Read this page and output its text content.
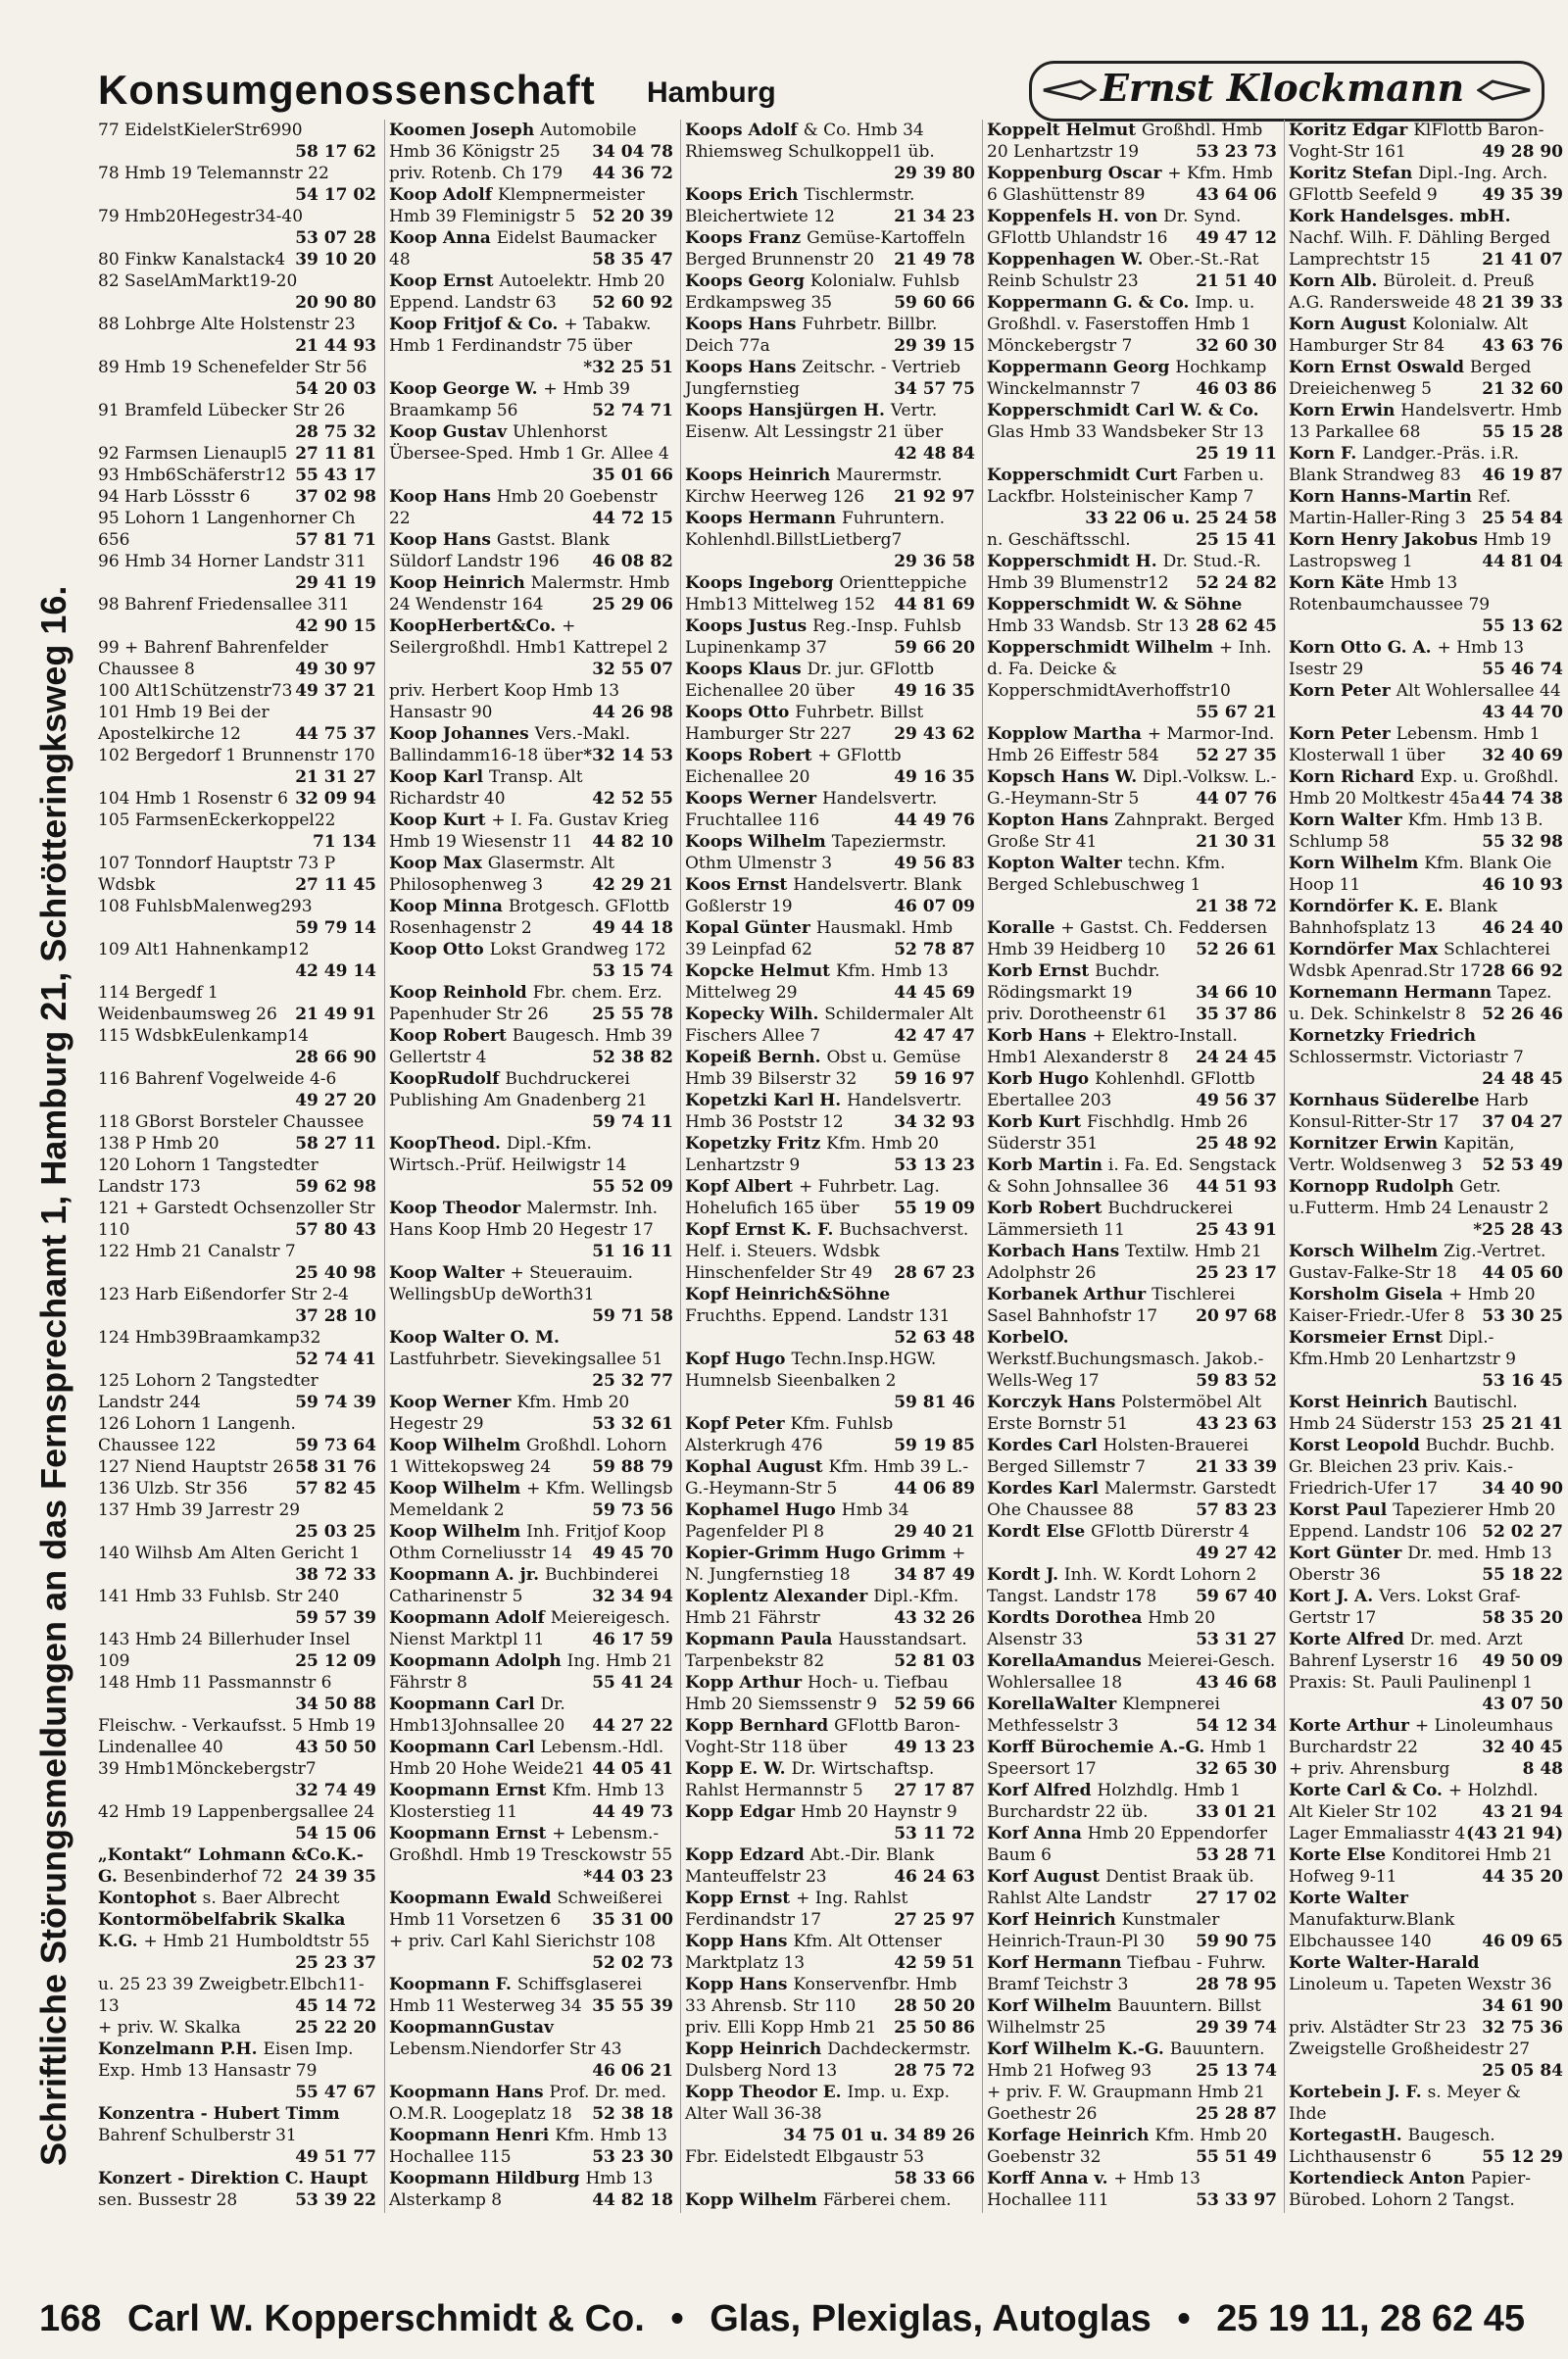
Konsumgenossenschaft Hamburg	Ernst Klockmann
Schriftliche Störungsmeldungen an das Fernsprechamt 1, Hamburg 21, Schrötteringksweg 16.
77 EidelstKielerStr6990
58 17 62
78 Hmb 19 Telemannstr 22
54 17 02
79 Hmb20Hegestr34-40
53 07 28
80 Finkw Kanalstack4 39 10 20
82 SaselAmMarkt19-20
20 90 80
88 Lohbrge Alte Holstenstr 23
21 44 93
89 Hmb 19 Schenefelder Str 56
54 20 03
91 Bramfeld Lübecker Str 26
28 75 32
92 Farmsen Lienaupl5 27 11 81
93 Hmb6Schäferstr12 55 43 17
94 Harb Lössstr 6	37 02 98
95 Lohorn 1 Langenhorner Ch 656	57 81 71
96 Hmb 34 Horner Landstr 311
29 41 19
98 Bahrenf Friedensallee 311
42 90 15
99 + Bahrenf Bahrenfelder Chaussee 8	49 30 97
100 Alt1Schützenstr73 49 37 21
101 Hmb 19 Bei der Apostelkirche 12	44 75 37
102 Bergedorf 1 Brunnenstr 170
21 31 27
104 Hmb 1 Rosenstr 6 32 09 94
105 FarmsenEckerkoppel22
71 134
107 Tonndorf Hauptstr 73 P Wdsbk	27 11 45
108 FuhlsbMalenweg293
59 79 14
109 Alt1 Hahnenkamp12
42 49 14
114 Bergedf 1 Weidenbaumsweg 26 21 49 91
115 WdsbkEulenkamp14
28 66 90
116 Bahrenf Vogelweide 4-6
49 27 20
118 GBorst Borsteler Chaussee 138 P Hmb 20	58 27 11
120 Lohorn 1 Tangstedter Landstr 173	59 62 98
121 + Garstedt Ochsenzoller Str 110	57 80 43
122 Hmb 21 Canalstr 7
25 40 98
123 Harb Eißendorfer Str 2-4
37 28 10
124 Hmb39Braamkamp32
52 74 41
125 Lohorn 2 Tangstedter Landstr 244	59 74 39
126 Lohorn 1 Langenh. Chaussee 122	59 73 64
127 Niend Hauptstr 26 58 31 76
136 Ulzb. Str 356	57 82 45
137 Hmb 39 Jarrestr 29
25 03 25
140 Wilhsb Am Alten Gericht 1
38 72 33
141 Hmb 33 Fuhlsb. Str 240
59 57 39
143 Hmb 24 Billerhuder Insel 109	25 12 09
148 Hmb 11 Passmannstr 6
34 50 88
Fleischw. - Verkaufsst. 5 Hmb 19 Lindenallee 40	43 50 50
39 Hmb1Mönckebergstr7
32 74 49
42 Hmb 19 Lappenbergsallee 24
54 15 06
„Kontakt“ Lohmann &Co.K.-G. Besenbinderhof 72 24 39 35
Kontophot s. Baer Albrecht
Kontormöbelfabrik Skalka K.G. + Hmb 21 Humboldtstr 55
25 23 37
u. 25 23 39 Zweigbetr.Elbch11-13	45 14 72
+ priv. W. Skalka	25 22 20
Konzelmann P.H. Eisen Imp. Exp. Hmb 13 Hansastr 79
55 47 67
Konzentra - Hubert Timm Bahrenf Schulberstr 31
49 51 77
Konzert - Direktion C. Haupt sen. Bussestr 28	53 39 22
Koomen Joseph Automobile Hmb 36 Königstr 25 34 04 78
priv. Rotenb. Ch 179 44 36 72
Koop Adolf Klempnermeister Hmb 39 Fleminigstr 5 52 20 39
Koop Anna Eidelst Baumacker 48	58 35 47
Koop Ernst Autoelektr. Hmb 20 Eppend. Landstr 63 52 60 92
Koop Fritjof & Co. + Tabakw. Hmb 1 Ferdinandstr 75 über
*32 25 51
Koop George W. + Hmb 39 Braamkamp 56	52 74 71
Koop Gustav Uhlenhorst Übersee-Sped. Hmb 1 Gr. Allee 4
35 01 66
Koop Hans Hmb 20 Goebenstr 22	44 72 15
Koop Hans Gastst. Blank Süldorf Landstr 196 46 08 82
Koop Heinrich Malermstr. Hmb 24 Wendenstr 164	25 29 06
KoopHerbert&Co. + Seilergroßhdl. Hmb1 Kattrepel 2
32 55 07
priv. Herbert Koop Hmb 13 Hansastr 90	44 26 98
Koop Johannes Vers.-Makl. Ballindamm16-18 über *32 14 53
Koop Karl Transp. Alt Richardstr 40	42 52 55
Koop Kurt + I. Fa. Gustav Krieg Hmb 19 Wiesenstr 11 44 82 10
Koop Max Glasermstr. Alt Philosophenweg 3	42 29 21
Koop Minna Brotgesch. GFlottb Rosenhagenstr 2	49 44 18
Koop Otto Lokst Grandweg 172
53 15 74
Koop Reinhold Fbr. chem. Erz. Papenhuder Str 26	25 55 78
Koop Robert Baugesch. Hmb 39 Gellertstr 4	52 38 82
KoopRudolf Buchdruckerei Publishing Am Gnadenberg 21
59 74 11
KoopTheod. Dipl.-Kfm. Wirtsch.-Prüf. Heilwigstr 14
55 52 09
Koop Theodor Malermstr. Inh. Hans Koop Hmb 20 Hegestr 17
51 16 11
Koop Walter + Steuerauim. WellingsbUp deWorth31
59 71 58
Koop Walter O. M. Lastfuhrbetr. Sievekingsallee 51
25 32 77
Koop Werner Kfm. Hmb 20 Hegestr 29	53 32 61
Koop Wilhelm Großhdl. Lohorn 1 Wittekopsweg 24 59 88 79
Koop Wilhelm + Kfm. Wellingsb Memeldank 2	59 73 56
Koop Wilhelm Inh. Fritjof Koop Othm Corneliusstr 14 49 45 70
Koopmann A. jr. Buchbinderei Catharinenstr 5	32 34 94
Koopmann Adolf Meiereigesch. Nienst Marktpl 11	46 17 59
Koopmann Adolph Ing. Hmb 21 Fährstr 8	55 41 24
Koopmann Carl Dr. Hmb13Johnsallee 20 44 27 22
Koopmann Carl Lebensm.-Hdl. Hmb 20 Hohe Weide21 44 05 41
Koopmann Ernst Kfm. Hmb 13 Klosterstieg 11	44 49 73
Koopmann Ernst + Lebensm.-Großhdl. Hmb 19 Tresckowstr 55
*44 03 23
Koopmann Ewald Schweißerei Hmb 11 Vorsetzen 6 35 31 00
+ priv. Carl Kahl Sierichstr 108
52 02 73
Koopmann F. Schiffsglaserei Hmb 11 Westerweg 34 35 55 39
KoopmannGustav Lebensm.Niendorfer Str 43
46 06 21
Koopmann Hans Prof. Dr. med. O.M.R. Loogeplatz 18 52 38 18
Koopmann Henri Kfm. Hmb 13 Hochallee 115	53 23 30
Koopmann Hildburg Hmb 13 Alsterkamp 8	44 82 18
Koops Adolf & Co. Hmb 34 Rhiemsweg Schulkoppel1 üb.
29 39 80
Koops Erich Tischlermstr. Bleichertwiete 12	21 34 23
Koops Franz Gemüse-Kartoffeln Berged Brunnenstr 20 21 49 78
Koops Georg Kolonialw. Fuhlsb Erdkampsweg 35	59 60 66
Koops Hans Fuhrbetr. Billbr. Deich 77a	29 39 15
Koops Hans Zeitschr. - Vertrieb Jungfernstieg	34 57 75
Koops Hansjürgen H. Vertr. Eisenw. Alt Lessingstr 21 über
42 48 84
Koops Heinrich Maurermstr. Kirchw Heerweg 126 21 92 97
Koops Hermann Fuhruntern. Kohlenhdl.BillstLietberg7
29 36 58
Koops Ingeborg Orientteppiche Hmb13 Mittelweg 152 44 81 69
Koops Justus Reg.-Insp. Fuhlsb Lupinenkamp 37	59 66 20
Koops Klaus Dr. jur. GFlottb Eichenallee 20 über 49 16 35
Koops Otto Fuhrbetr. Billst Hamburger Str 227	29 43 62
Koops Robert + GFlottb Eichenallee 20	49 16 35
Koops Werner Handelsvertr. Fruchtallee 116	44 49 76
Koops Wilhelm Tapeziermstr. Othm Ulmenstr 3	49 56 83
Koos Ernst Handelsvertr. Blank Goßlerstr 19	46 07 09
Kopal Günter Hausmakl. Hmb 39 Leinpfad 62	52 78 87
Kopcke Helmut Kfm. Hmb 13 Mittelweg 29	44 45 69
Kopecky Wilh. Schildermaler Alt Fischers Allee 7	42 47 47
Kopeiß Bernh. Obst u. Gemüse Hmb 39 Bilserstr 32 59 16 97
Kopetzki Karl H. Handelsvertr. Hmb 36 Poststr 12	34 32 93
Kopetzky Fritz Kfm. Hmb 20 Lenhartzstr 9	53 13 23
Kopf Albert + Fuhrbetr. Lag. Hohelufich 165 über 55 19 09
Kopf Ernst K. F. Buchsachverst. Helf. i. Steuers. Wdsbk Hinschenfelder Str 49 28 67 23
Kopf Heinrich&Söhne Fruchths. Eppend. Landstr 131
52 63 48
Kopf Hugo Techn.Insp.HGW. Humnelsb Sieenbalken 2
59 81 46
Kopf Peter Kfm. Fuhlsb Alsterkrugh 476	59 19 85
Kophal August Kfm. Hmb 39 L.-G.-Heymann-Str 5	44 06 89
Kophamel Hugo Hmb 34 Pagenfelder Pl 8	29 40 21
Kopier-Grimm Hugo Grimm + N. Jungfernstieg 18	34 87 49
Koplentz Alexander Dipl.-Kfm. Hmb 21 Fährstr	43 32 26
Kopmann Paula Hausstandsart. Tarpenbekstr 82	52 81 03
Kopp Arthur Hoch- u. Tiefbau Hmb 20 Siemssenstr 9 52 59 66
Kopp Bernhard GFlottb Baron-Voght-Str 118 über	49 13 23
Kopp E. W. Dr. Wirtschaftsp. Rahlst Hermannstr 5 27 17 87
Kopp Edgar Hmb 20 Haynstr 9
53 11 72
Kopp Edzard Abt.-Dir. Blank Manteuffelstr 23	46 24 63
Kopp Ernst + Ing. Rahlst Ferdinandstr 17	27 25 97
Kopp Hans Kfm. Alt Ottenser Marktplatz 13	42 59 51
Kopp Hans Konservenfbr. Hmb 33 Ahrensb. Str 110 28 50 20
priv. Elli Kopp Hmb 21 25 50 86
Kopp Heinrich Dachdeckermstr. Dulsberg Nord 13	28 75 72
Kopp Theodor E. Imp. u. Exp. Alter Wall 36-38
34 75 01 u. 34 89 26
Fbr. Eidelstedt Elbgaustr 53
58 33 66
Kopp Wilhelm Färberei chem.
Koppelt Helmut Großhdl. Hmb 20 Lenhartzstr 19	53 23 73
Koppenburg Oscar + Kfm. Hmb 6 Glashüttenstr 89	43 64 06
Koppenfels H. von Dr. Synd. GFlottb Uhlandstr 16 49 47 12
Koppenhagen W. Ober.-St.-Rat Reinb Schulstr 23	21 51 40
Koppermann G. & Co. Imp. u. Großhdl. v. Faserstoffen Hmb 1 Mönckebergstr 7	32 60 30
Koppermann Georg Hochkamp Winckelmannstr 7	46 03 86
Kopperschmidt Carl W. & Co. Glas Hmb 33 Wandsbeker Str 13
25 19 11
Kopperschmidt Curt Farben u. Lackfbr. Holsteinischer Kamp 7
33 22 06 u. 25 24 58
n. Geschäftsschl.	25 15 41
Kopperschmidt H. Dr. Stud.-R. Hmb 39 Blumenstr12 52 24 82
Kopperschmidt W. & Söhne Hmb 33 Wandsb. Str 13 28 62 45
Kopperschmidt Wilhelm + Inh. d. Fa. Deicke & KopperschmidtAverhoffstr10
55 67 21
Kopplow Martha + Marmor-Ind. Hmb 26 Eiffestr 584 52 27 35
Kopsch Hans W. Dipl.-Volksw. L.-G.-Heymann-Str 5	44 07 76
Kopton Hans Zahnprakt. Berged Große Str 41	21 30 31
Kopton Walter techn. Kfm. Berged Schlebuschweg 1
21 38 72
Koralle + Gastst. Ch. Feddersen Hmb 39 Heidberg 10 52 26 61
Korb Ernst Buchdr. Rödingsmarkt 19	34 66 10
priv. Dorotheenstr 61 35 37 86
Korb Hans + Elektro-Install. Hmb1 Alexanderstr 8 24 24 45
Korb Hugo Kohlenhdl. GFlottb Ebertallee 203	49 56 37
Korb Kurt Fischhdlg. Hmb 26 Süderstr 351	25 48 92
Korb Martin i. Fa. Ed. Sengstack & Sohn Johnsallee 36 44 51 93
Korb Robert Buchdruckerei Lämmersieth 11	25 43 91
Korbach Hans Textilw. Hmb 21 Adolphstr 26	25 23 17
Korbanek Arthur Tischlerei Sasel Bahnhofstr 17 20 97 68
KorbelO. Werkstf.Buchungsmasch. Jakob.-Wells-Weg 17	59 83 52
Korczyk Hans Polstermöbel Alt Erste Bornstr 51	43 23 63
Kordes Carl Holsten-Brauerei Berged Sillemstr 7	21 33 39
Kordes Karl Malermstr. Garstedt Ohe Chaussee 88	57 83 23
Kordt Else GFlottb Dürerstr 4
49 27 42
Kordt J. Inh. W. Kordt Lohorn 2 Tangst. Landstr 178 59 67 40
Kordts Dorothea Hmb 20 Alsenstr 33	53 31 27
KorellaAmandus Meierei-Gesch. Wohlersallee 18	43 46 68
KorellaWalter Klempnerei Methfesselstr 3	54 12 34
Korff Bürochemie A.-G. Hmb 1 Speersort 17	32 65 30
Korf Alfred Holzhdlg. Hmb 1 Burchardstr 22 üb.	33 01 21
Korf Anna Hmb 20 Eppendorfer Baum 6	53 28 71
Korf August Dentist Braak üb. Rahlst Alte Landstr	27 17 02
Korf Heinrich Kunstmaler Heinrich-Traun-Pl 30 59 90 75
Korf Hermann Tiefbau - Fuhrw. Bramf Teichstr 3	28 78 95
Korf Wilhelm Bauuntern. Billst Wilhelmstr 25	29 39 74
Korf Wilhelm K.-G. Bauuntern. Hmb 21 Hofweg 93	25 13 74
+ priv. F. W. Graupmann Hmb 21 Goethestr 26	25 28 87
Korfage Heinrich Kfm. Hmb 20 Goebenstr 32	55 51 49
Korff Anna v. + Hmb 13 Hochallee 111	53 33 97
Koritz Edgar KlFlottb Baron-Voght-Str 161	49 28 90
Koritz Stefan Dipl.-Ing. Arch. GFlottb Seefeld 9	49 35 39
Kork Handelsges. mbH. Nachf. Wilh. F. Dähling Berged Lamprechtstr 15	21 41 07
Korn Alb. Büroleit. d. Preuß A.G. Randersweide 48 21 39 33
Korn August Kolonialw. Alt Hamburger Str 84 43 63 76
Korn Ernst Oswald Berged Dreieichenweg 5	21 32 60
Korn Erwin Handelsvertr. Hmb 13 Parkallee 68	55 15 28
Korn F. Landger.-Präs. i.R. Blank Strandweg 83 46 19 87
Korn Hanns-Martin Ref. Martin-Haller-Ring 3 25 54 84
Korn Henry Jakobus Hmb 19 Lastropsweg 1	44 81 04
Korn Käte Hmb 13 Rotenbaumchaussee 79
55 13 62
Korn Otto G. A. + Hmb 13 Isestr 29	55 46 74
Korn Peter Alt Wohlersallee 44
43 44 70
Korn Peter Lebensm. Hmb 1 Klosterwall 1 über 32 40 69
Korn Richard Exp. u. Großhdl. Hmb 20 Moltkestr 45a 44 74 38
Korn Walter Kfm. Hmb 13 B. Schlump 58	55 32 98
Korn Wilhelm Kfm. Blank Oie Hoop 11	46 10 93
Korndörfer K. E. Blank Bahnhofsplatz 13	46 24 40
Korndörfer Max Schlachterei Wdsbk Apenrad.Str 17 28 66 92
Kornemann Hermann Tapez. u. Dek. Schinkelstr 8 52 26 46
Kornetzky Friedrich Schlossermstr. Victoriastr 7
24 48 45
Kornhaus Süderelbe Harb Konsul-Ritter-Str 17 37 04 27
Kornitzer Erwin Kapitän, Vertr. Woldsenweg 3 52 53 49
Kornopp Rudolph Getr. u.Futterm. Hmb 24 Lenaustr 2
*25 28 43
Korsch Wilhelm Zig.-Vertret. Gustav-Falke-Str 18 44 05 60
Korsholm Gisela + Hmb 20 Kaiser-Friedr.-Ufer 8 53 30 25
Korsmeier Ernst Dipl.-Kfm.Hmb 20 Lenhartzstr 9
53 16 45
Korst Heinrich Bautischl. Hmb 24 Süderstr 153 25 21 41
Korst Leopold Buchdr. Buchb. Gr. Bleichen 23 priv. Kais.-Friedrich-Ufer 17	34 40 90
Korst Paul Tapezierer Hmb 20 Eppend. Landstr 106 52 02 27
Kort Günter Dr. med. Hmb 13 Oberstr 36	55 18 22
Kort J. A. Vers. Lokst Graf-Gertstr 17	58 35 20
Korte Alfred Dr. med. Arzt Bahrenf Lyserstr 16 49 50 09
Praxis: St. Pauli Paulinenpl 1
43 07 50
Korte Arthur + Linoleumhaus Burchardstr 22	32 40 45
+ priv. Ahrensburg	8 48
Korte Carl & Co. + Holzhdl. Alt Kieler Str 102	43 21 94
Lager Emmaliasstr 4 (43 21 94)
Korte Else Konditorei Hmb 21 Hofweg 9-11	44 35 20
Korte Walter Manufakturw.Blank Elbchaussee 140	46 09 65
Korte Walter-Harald Linoleum u. Tapeten Wexstr 36
34 61 90
priv. Alstädter Str 23 32 75 36
Zweigstelle Großheidestr 27
25 05 84
Kortebein J. F. s. Meyer & Ihde
KortegastH. Baugesch. Lichthausenstr 6	55 12 29
Kortendieck Anton Papier-Bürobed. Lohorn 2 Tangst.
168 Carl W. Kopperschmidt & Co. • Glas, Plexiglas, Autoglas • 25 19 11, 28 62 45
